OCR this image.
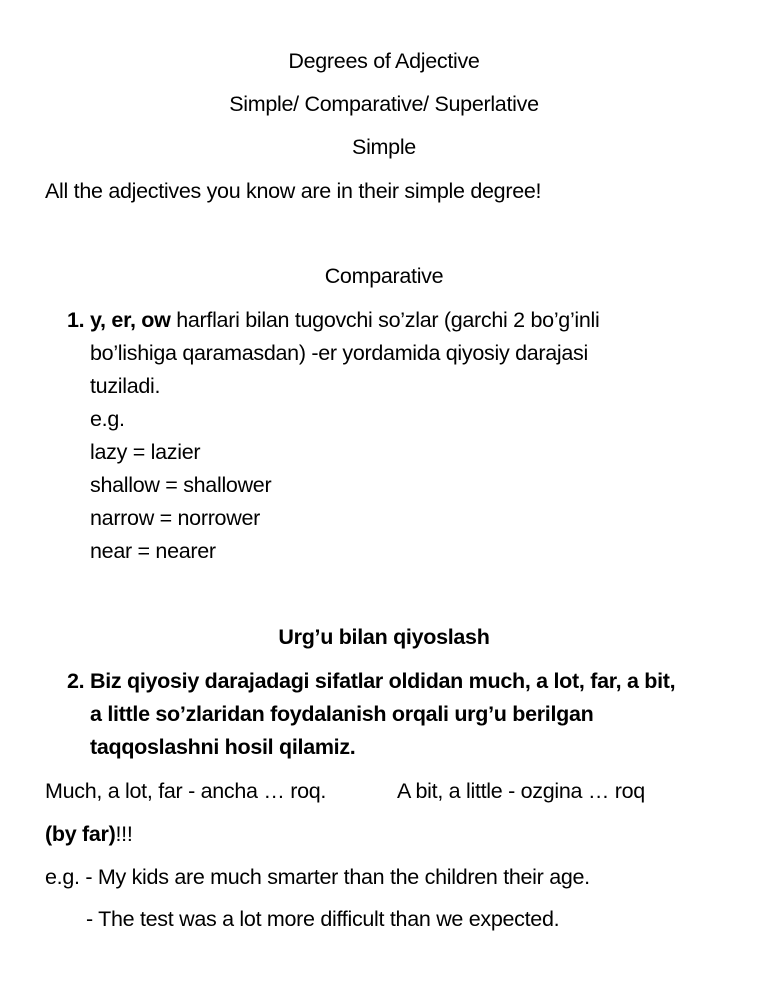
Degrees of Adjective
Simple/ Comparative/ Superlative
Simple
All the adjectives you know are in their simple degree!
Comparative
1. y, er, ow harflari bilan tugovchi so’zlar (garchi 2 bo’g’inli
bo’lishiga qaramasdan) -er yordamida qiyosiy darajasi
tuziladi.
e.g.
lazy = lazier
shallow = shallower
narrow = norrower
near = nearer
Urg’u bilan qiyoslash
2. Biz qiyosiy darajadagi sifatlar oldidan much, a lot, far, a bit,
a little so’zlaridan foydalanish orqali urg’u berilgan
taqqoslashni hosil qilamiz.
Much, a lot, far - ancha … roq.	A bit, a little - ozgina … roq
(by far)!!!
e.g. - My kids are much smarter than the children their age.
- The test was a lot more difficult than we expected.
